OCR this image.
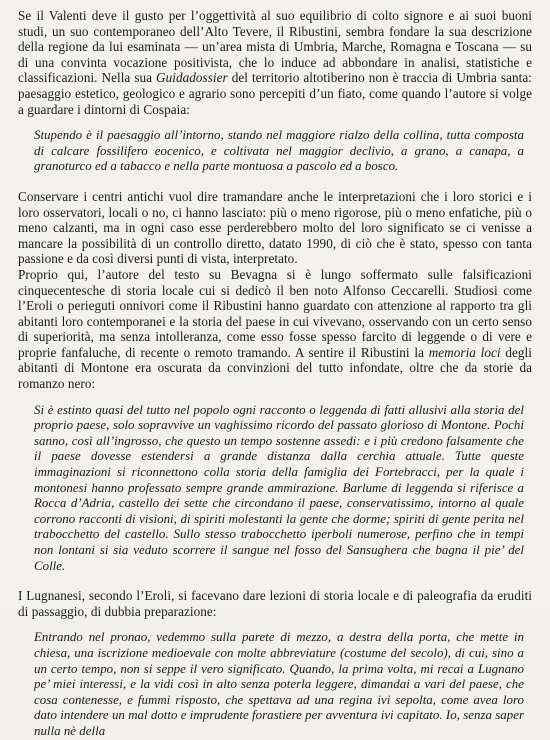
Se il Valenti deve il gusto per l’oggettività al suo equilibrio di colto signore e ai suoi buoni studi, un suo contemporaneo dell’Alto Tevere, il Ribustini, sembra fondare la sua descrizione della regione da lui esaminata — un’area mista di Umbria, Marche, Romagna e Toscana — su di una convinta vocazione positivista, che lo induce ad abbondare in analisi, statistiche e classificazioni. Nella sua Guidadossier del territorio altotiberino non è traccia di Umbria santa: paesaggio estetico, geologico e agrario sono percepiti d’un fiato, come quando l’autore si volge a guardare i dintorni di Cospaia:

Stupendo è il paesaggio all’intorno, stando nel maggiore rialzo della collina, tutta composta di calcare fossilifero eocenico, e coltivata nel maggior declivio, a grano, a canapa, a granoturco ed a tabacco e nella parte montuosa a pascolo ed a bosco.

Conservare i centri antichi vuol dire tramandare anche le interpretazioni che i loro storici e i loro osservatori, locali o no, ci hanno lasciato: più o meno rigorose, più o meno enfatiche, più o meno calzanti, ma in ogni caso esse perderebbero molto del loro significato se ci venisse a mancare la possibilità di un controllo diretto, datato 1990, di ciò che è stato, spesso con tanta passione e da così diversi punti di vista, interpretato.

Proprio qui, l’autore del testo su Bevagna si è lungo soffermato sulle falsificazioni cinquecentesche di storia locale cui si dedicò il ben noto Alfonso Ceccarelli. Studiosi come l’Eroli o perieguti onnivori come il Ribustini hanno guardato con attenzione al rapporto tra gli abitanti loro contemporanei e la storia del paese in cui vivevano, osservando con un certo senso di superiorità, ma senza intolleranza, come esso fosse spesso farcito di leggende o di vere e proprie fanfaluche, di recente o remoto tramando. A sentire il Ribustini la memoria loci degli abitanti di Montone era oscurata da convinzioni del tutto infondate, oltre che da storie da romanzo nero:

Si è estinto quasi del tutto nel popolo ogni racconto o leggenda di fatti allusivi alla storia del proprio paese, solo sopravvive un vaghissimo ricordo del passato glorioso di Montone. Pochi sanno, così all’ingrosso, che questo un tempo sostenne assedi: e i più credono falsamente che il paese dovesse estendersi a grande distanza dalla cerchia attuale. Tutte queste immaginazioni si riconnettono colla storia della famiglia dei Fortebracci, per la quale i montonesi hanno professato sempre grande ammirazione. Barlume di leggenda si riferisce a Rocca d’Adria, castello dei sette che circondano il paese, conservatissimo, intorno al quale corrono racconti di visioni, di spiriti molestanti la gente che dorme; spiriti di gente perita nel trabocchetto del castello. Sullo stesso trabocchetto iperboli numerose, perfino che in tempi non lontani si sia veduto scorrere il sangue nel fosso del Sansughera che bagna il pie’ del Colle.

I Lugnanesi, secondo l’Eroli, si facevano dare lezioni di storia locale e di paleografia da eruditi di passaggio, di dubbia preparazione:

Entrando nel pronao, vedemmo sulla parete di mezzo, a destra della porta, che mette in chiesa, una iscrizione medioevale con molte abbreviature (costume del secolo), di cui, sino a un certo tempo, non si seppe il vero significato. Quando, la prima volta, mi recai a Lugnano pe’ miei interessi, e la vidi così in alto senza poterla leggere, dimandai a vari del paese, che cosa contenesse, e fummi risposto, che spettava ad una regina ivi sepolta, come avea loro dato intendere un mal dotto e imprudente forastiere per avventura ivi capitato. Io, senza saper nulla nè della
